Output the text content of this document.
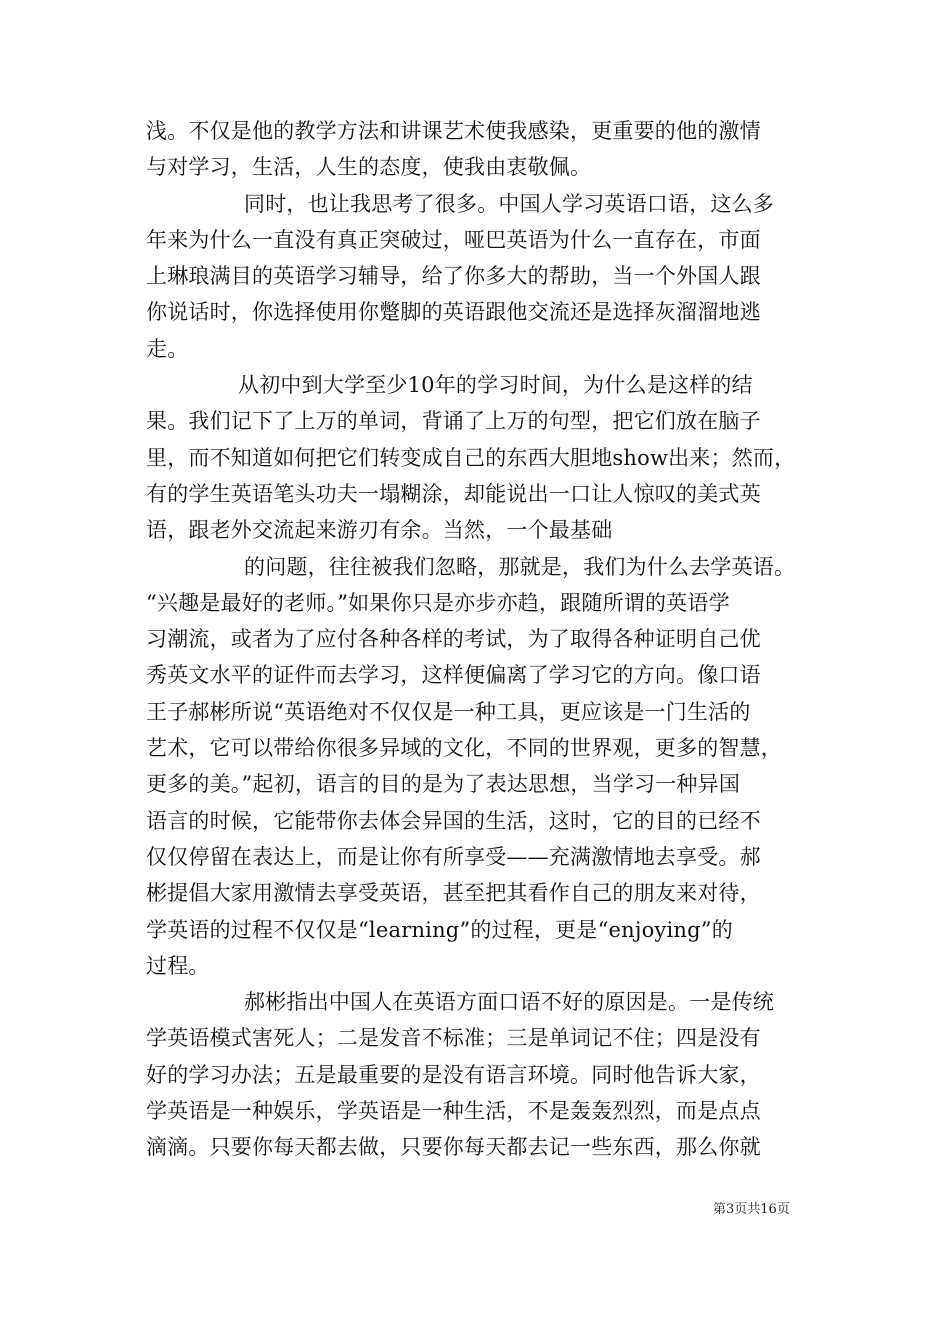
浅。不仅是他的教学方法和讲课艺术使我感染，更重要的他的激情
与对学习，生活，人生的态度，使我由衷敬佩。
同时，也让我思考了很多。中国人学习英语口语，这么多
年来为什么一直没有真正突破过，哑巴英语为什么一直存在，市面
上琳琅满目的英语学习辅导，给了你多大的帮助，当一个外国人跟
你说话时，你选择使用你蹩脚的英语跟他交流还是选择灰溜溜地逃
走。
从初中到大学至少10年的学习时间，为什么是这样的结
果。我们记下了上万的单词，背诵了上万的句型，把它们放在脑子
里，而不知道如何把它们转变成自己的东西大胆地show出来；然而，
有的学生英语笔头功夫一塌糊涂，却能说出一口让人惊叹的美式英
语，跟老外交流起来游刃有余。当然，一个最基础
的问题，往往被我们忽略，那就是，我们为什么去学英语。
“兴趣是最好的老师。”如果你只是亦步亦趋，跟随所谓的英语学
习潮流，或者为了应付各种各样的考试，为了取得各种证明自己优
秀英文水平的证件而去学习，这样便偏离了学习它的方向。像口语
王子郝彬所说“英语绝对不仅仅是一种工具，更应该是一门生活的
艺术，它可以带给你很多异域的文化，不同的世界观，更多的智慧，
更多的美。”起初，语言的目的是为了表达思想，当学习一种异国
语言的时候，它能带你去体会异国的生活，这时，它的目的已经不
仅仅停留在表达上，而是让你有所享受——充满激情地去享受。郝
彬提倡大家用激情去享受英语，甚至把其看作自己的朋友来对待，
学英语的过程不仅仅是“learning”的过程，更是“enjoying”的
过程。
郝彬指出中国人在英语方面口语不好的原因是。一是传统
学英语模式害死人；二是发音不标准；三是单词记不住；四是没有
好的学习办法；五是最重要的是没有语言环境。同时他告诉大家，
学英语是一种娱乐，学英语是一种生活，不是轰轰烈烈，而是点点
滴滴。只要你每天都去做，只要你每天都去记一些东西，那么你就
第3页共16页
